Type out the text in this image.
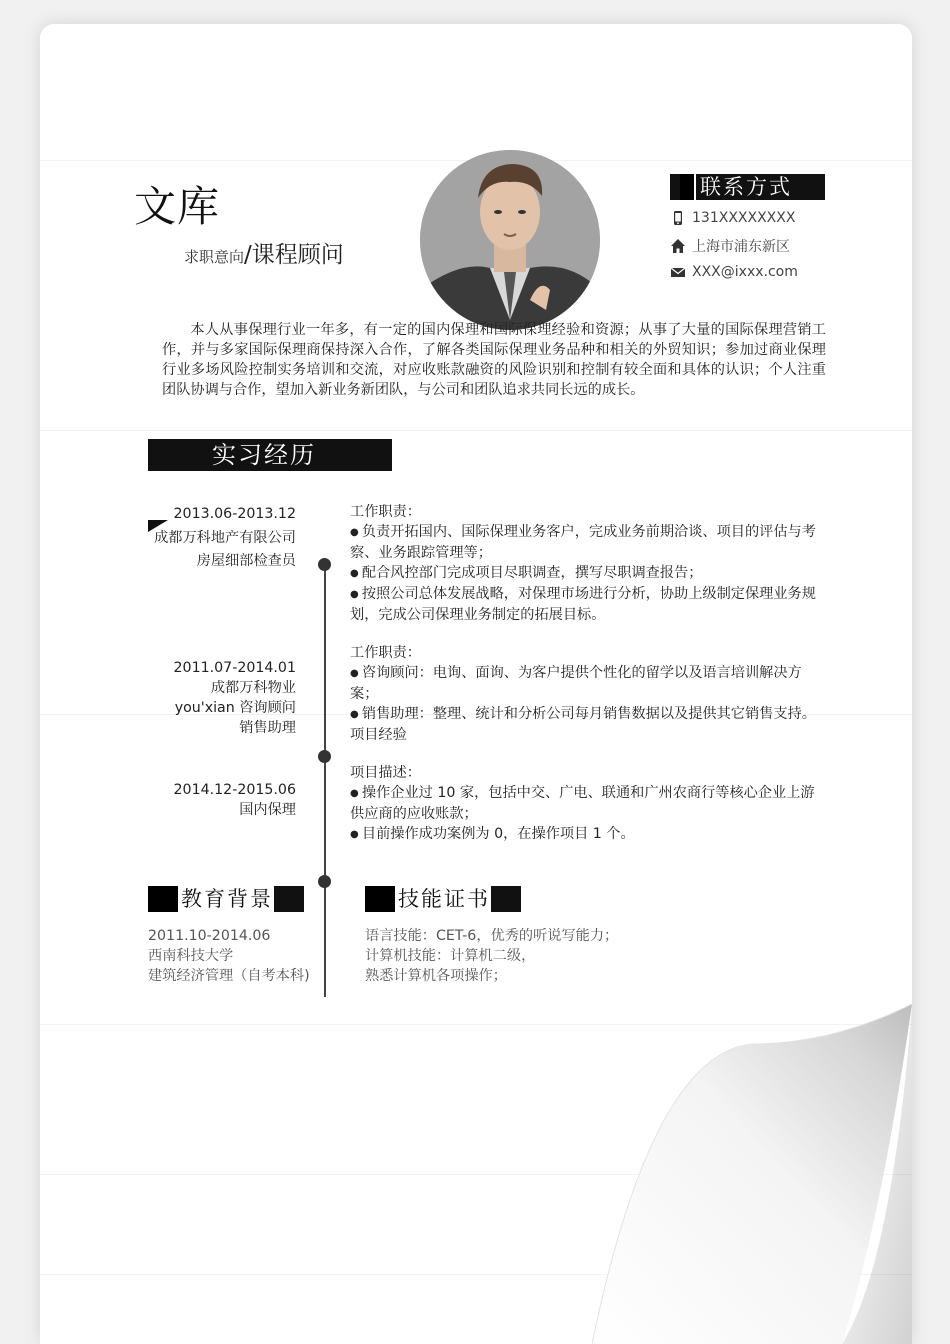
文库
求职意向/课程顾问
联系方式
131XXXXXXXX
上海市浦东新区
XXX@ixxx.com
本人从事保理行业一年多，有一定的国内保理和国际保理经验和资源；从事了大量的国际保理营销工作，并与多家国际保理商保持深入合作，了解各类国际保理业务品种和相关的外贸知识；参加过商业保理行业多场风险控制实务培训和交流，对应收账款融资的风险识别和控制有较全面和具体的认识；个人注重团队协调与合作，望加入新业务新团队，与公司和团队追求共同长远的成长。
实习经历
2013.06-2013.12
成都万科地产有限公司
房屋细部检查员
工作职责：
● 负责开拓国内、国际保理业务客户，完成业务前期洽谈、项目的评估与考察、业务跟踪管理等；
● 配合风控部门完成项目尽职调查，撰写尽职调查报告；
● 按照公司总体发展战略，对保理市场进行分析，协助上级制定保理业务规划，完成公司保理业务制定的拓展目标。
2011.07-2014.01
成都万科物业
you'xian 咨询顾问
销售助理
工作职责：
● 咨询顾问：电询、面询、为客户提供个性化的留学以及语言培训解决方案；
● 销售助理：整理、统计和分析公司每月销售数据以及提供其它销售支持。
项目经验
2014.12-2015.06
国内保理
项目描述：
● 操作企业过 10 家，包括中交、广电、联通和广州农商行等核心企业上游供应商的应收账款；
● 目前操作成功案例为 0，在操作项目 1 个。
教育背景
2011.10-2014.06
西南科技大学
建筑经济管理（自考本科)
技能证书
语言技能：CET-6，优秀的听说写能力；
计算机技能：计算机二级，
熟悉计算机各项操作；
